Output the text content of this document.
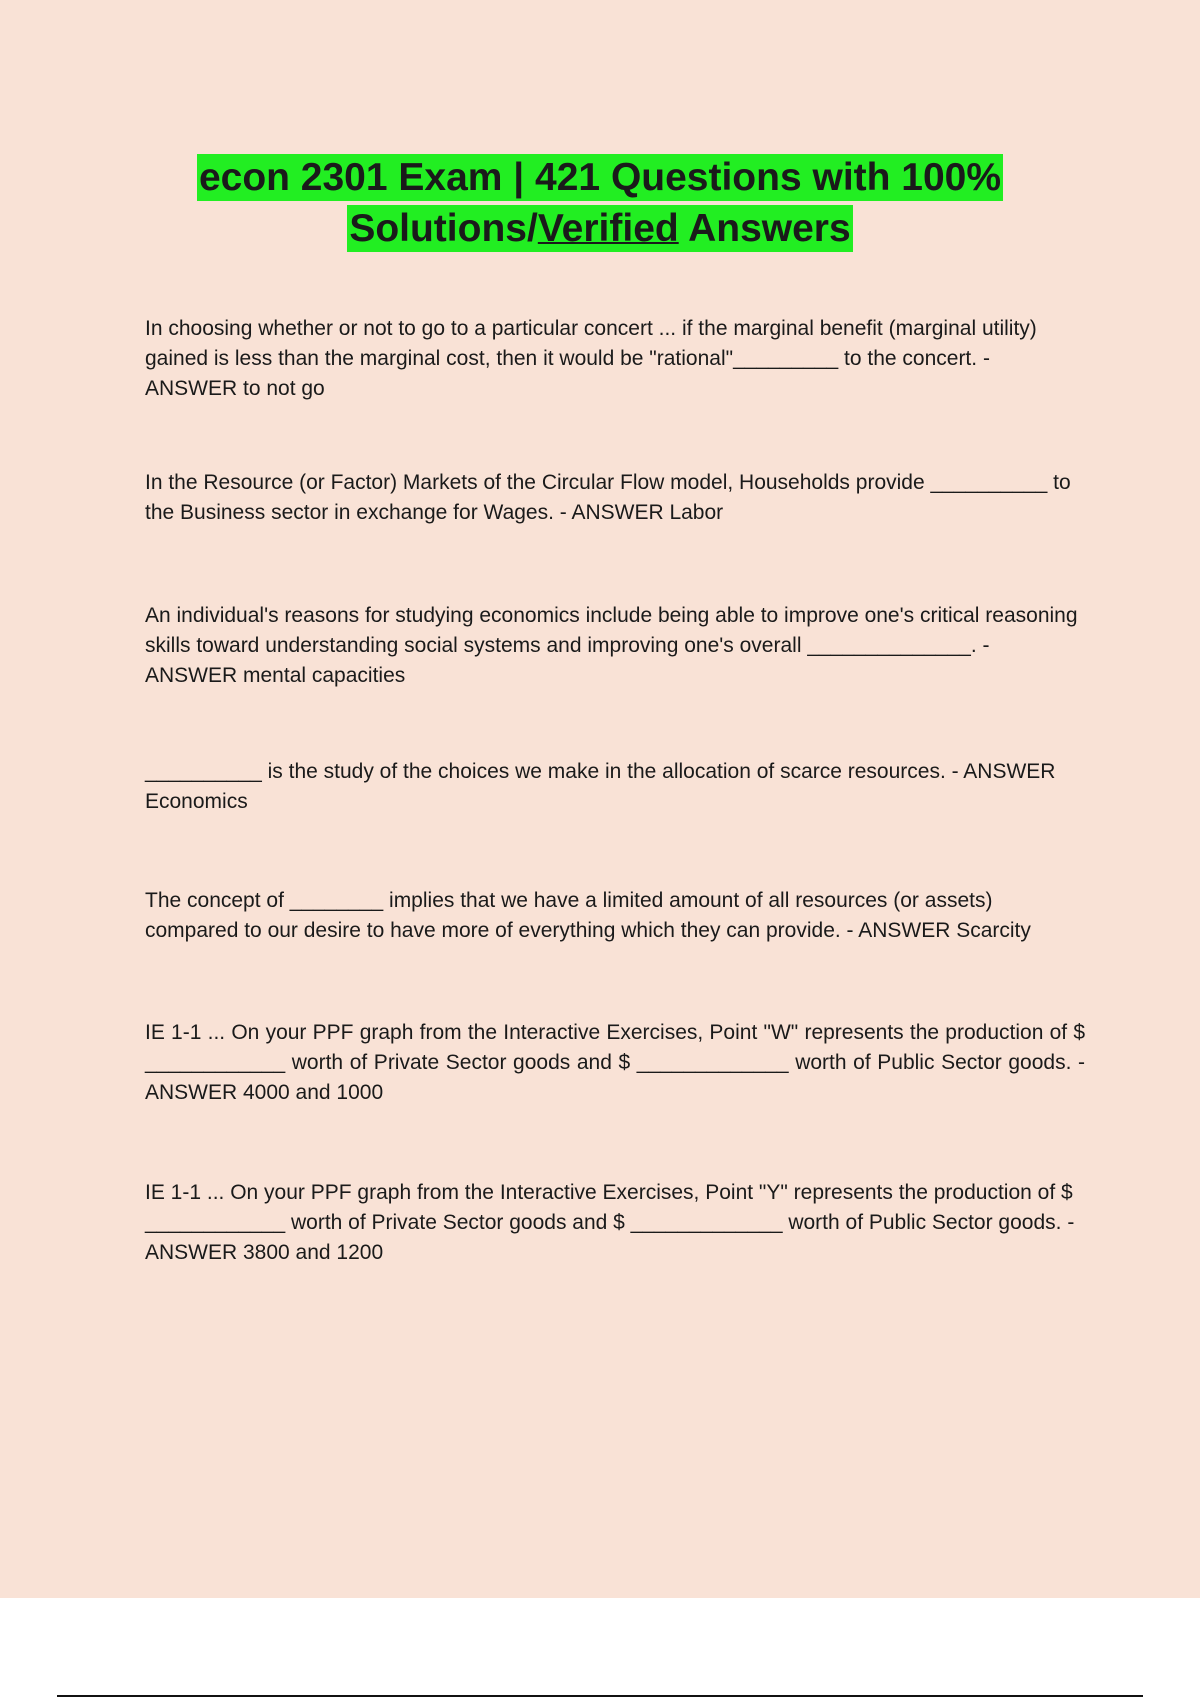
econ 2301 Exam | 421 Questions with 100%
Solutions/Verified Answers

In choosing whether or not to go to a particular concert ... if the marginal benefit (marginal utility) gained is less than the marginal cost, then it would be "rational"_________ to the concert. - ANSWER to not go

In the Resource (or Factor) Markets of the Circular Flow model, Households provide __________ to the Business sector in exchange for Wages. - ANSWER Labor

An individual's reasons for studying economics include being able to improve one's critical reasoning skills toward understanding social systems and improving one's overall ______________. - ANSWER mental capacities

__________ is the study of the choices we make in the allocation of scarce resources. - ANSWER Economics

The concept of ________ implies that we have a limited amount of all resources (or assets) compared to our desire to have more of everything which they can provide. - ANSWER Scarcity

IE 1-1 ... On your PPF graph from the Interactive Exercises, Point "W" represents the production of $ ____________ worth of Private Sector goods and $ _____________ worth of Public Sector goods. - ANSWER 4000 and 1000

IE 1-1 ... On your PPF graph from the Interactive Exercises, Point "Y" represents the production of $ ____________ worth of Private Sector goods and $ _____________ worth of Public Sector goods. - ANSWER 3800 and 1200
